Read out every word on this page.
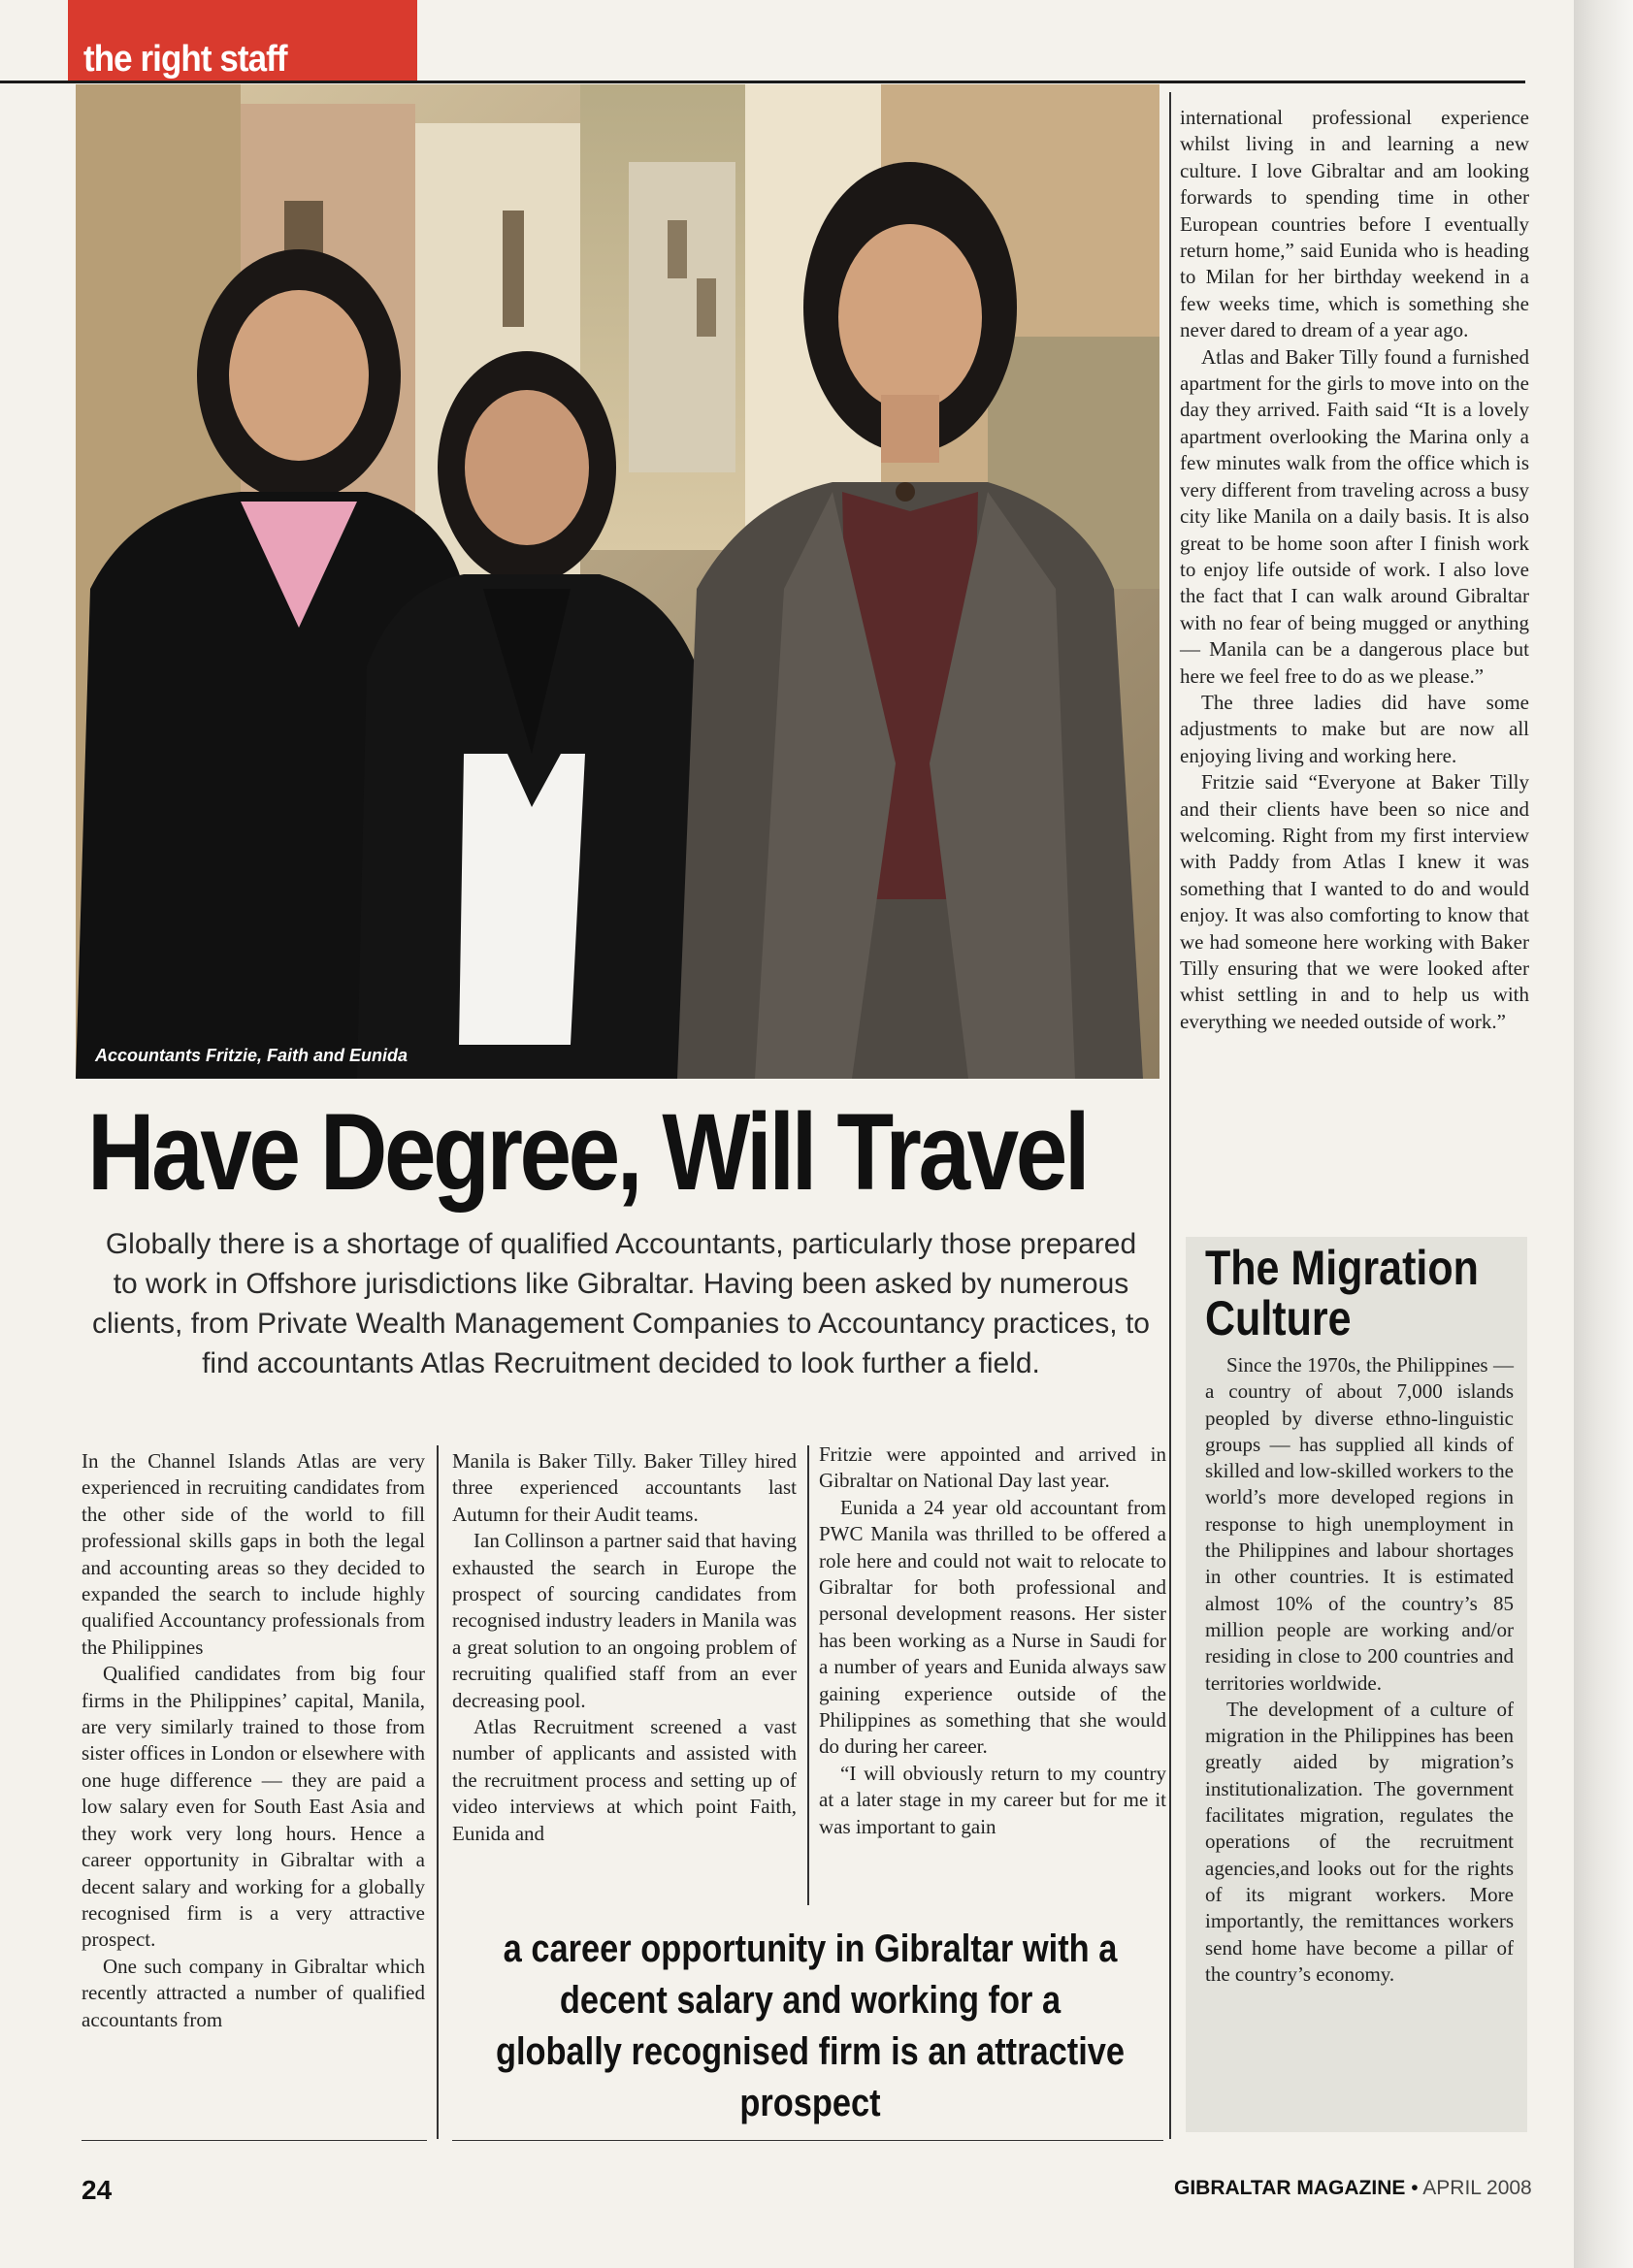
the right staff
Accountants Fritzie, Faith and Eunida
Have Degree, Will Travel
Globally there is a shortage of qualified Accountants, particularly those prepared to work in Offshore jurisdictions like Gibraltar. Having been asked by numerous clients, from Private Wealth Management Companies to Accountancy practices, to find accountants Atlas Recruitment decided to look further a field.

In the Channel Islands Atlas are very experienced in recruiting candidates from the other side of the world to fill professional skills gaps in both the legal and accounting areas so they decided to expanded the search to include highly qualified Accountancy professionals from the Philippines

Qualified candidates from big four firms in the Philippines’ capital, Manila, are very similarly trained to those from sister offices in London or elsewhere with one huge difference — they are paid a low salary even for South East Asia and they work very long hours. Hence a career opportunity in Gibraltar with a decent salary and working for a globally recognised firm is a very attractive prospect.

One such company in Gibraltar which recently attracted a number of qualified accountants from

Manila is Baker Tilly. Baker Tilley hired three experienced accountants last Autumn for their Audit teams.

Ian Collinson a partner said that having exhausted the search in Europe the prospect of sourcing candidates from recognised industry leaders in Manila was a great solution to an ongoing problem of recruiting qualified staff from an ever decreasing pool.

Atlas Recruitment screened a vast number of applicants and assisted with the recruitment process and setting up of video interviews at which point Faith, Eunida and

Fritzie were appointed and arrived in Gibraltar on National Day last year.

Eunida a 24 year old accountant from PWC Manila was thrilled to be offered a role here and could not wait to relocate to Gibraltar for both professional and personal development reasons. Her sister has been working as a Nurse in Saudi for a number of years and Eunida always saw gaining experience outside of the Philippines as something that she would do during her career.

“I will obviously return to my country at a later stage in my career but for me it was important to gain

a career opportunity in Gibraltar with a decent salary and working for a globally recognised firm is an attractive prospect

international professional experience whilst living in and learning a new culture. I love Gibraltar and am looking forwards to spending time in other European countries before I eventually return home,” said Eunida who is heading to Milan for her birthday weekend in a few weeks time, which is something she never dared to dream of a year ago.

Atlas and Baker Tilly found a furnished apartment for the girls to move into on the day they arrived. Faith said “It is a lovely apartment overlooking the Marina only a few minutes walk from the office which is very different from traveling across a busy city like Manila on a daily basis. It is also great to be home soon after I finish work to enjoy life outside of work. I also love the fact that I can walk around Gibraltar with no fear of being mugged or anything — Manila can be a dangerous place but here we feel free to do as we please.”

The three ladies did have some adjustments to make but are now all enjoying living and working here.

Fritzie said “Everyone at Baker Tilly and their clients have been so nice and welcoming. Right from my first interview with Paddy from Atlas I knew it was something that I wanted to do and would enjoy. It was also comforting to know that we had someone here working with Baker Tilly ensuring that we were looked after whist settling in and to help us with everything we needed outside of work.”

The Migration Culture

Since the 1970s, the Philippines — a country of about 7,000 islands peopled by diverse ethno-linguistic groups — has supplied all kinds of skilled and low-skilled workers to the world’s more developed regions in response to high unemployment in the Philippines and labour shortages in other countries. It is estimated almost 10% of the country’s 85 million people are working and/or residing in close to 200 countries and territories worldwide.

The development of a culture of migration in the Philippines has been greatly aided by migration’s institutionalization. The government facilitates migration, regulates the operations of the recruitment agencies,and looks out for the rights of its migrant workers. More importantly, the remittances workers send home have become a pillar of the country’s economy.

24	GIBRALTAR MAGAZINE • APRIL 2008
